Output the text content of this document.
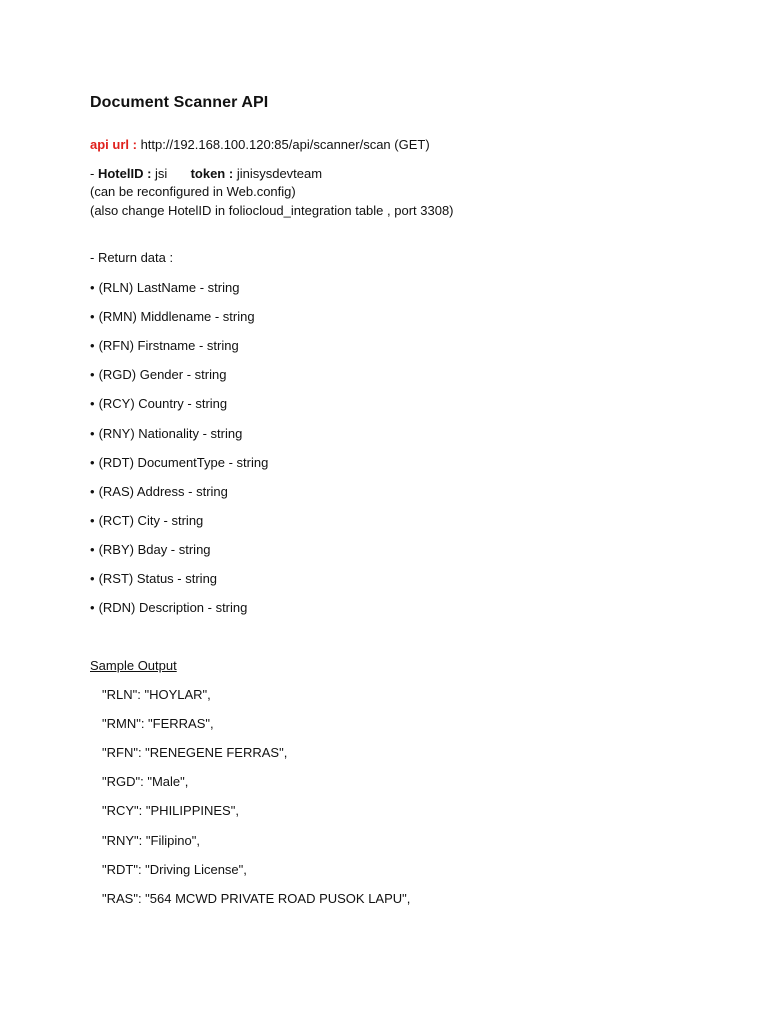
Document Scanner API
api url : http://192.168.100.120:85/api/scanner/scan (GET)
- HotelID : jsi token : jinisysdevteam
(can be reconfigured in Web.config)
(also change HotelID in foliocloud_integration table , port 3308)
- Return data :
• (RLN) LastName - string
• (RMN) Middlename - string
• (RFN) Firstname - string
• (RGD) Gender - string
• (RCY) Country - string
• (RNY) Nationality - string
• (RDT) DocumentType - string
• (RAS) Address - string
• (RCT) City - string
• (RBY) Bday - string
• (RST) Status - string
• (RDN) Description - string
Sample Output
"RLN": "HOYLAR",
"RMN": "FERRAS",
"RFN": "RENEGENE FERRAS",
"RGD": "Male",
"RCY": "PHILIPPINES",
"RNY": "Filipino",
"RDT": "Driving License",
"RAS": "564 MCWD PRIVATE ROAD PUSOK LAPU",
